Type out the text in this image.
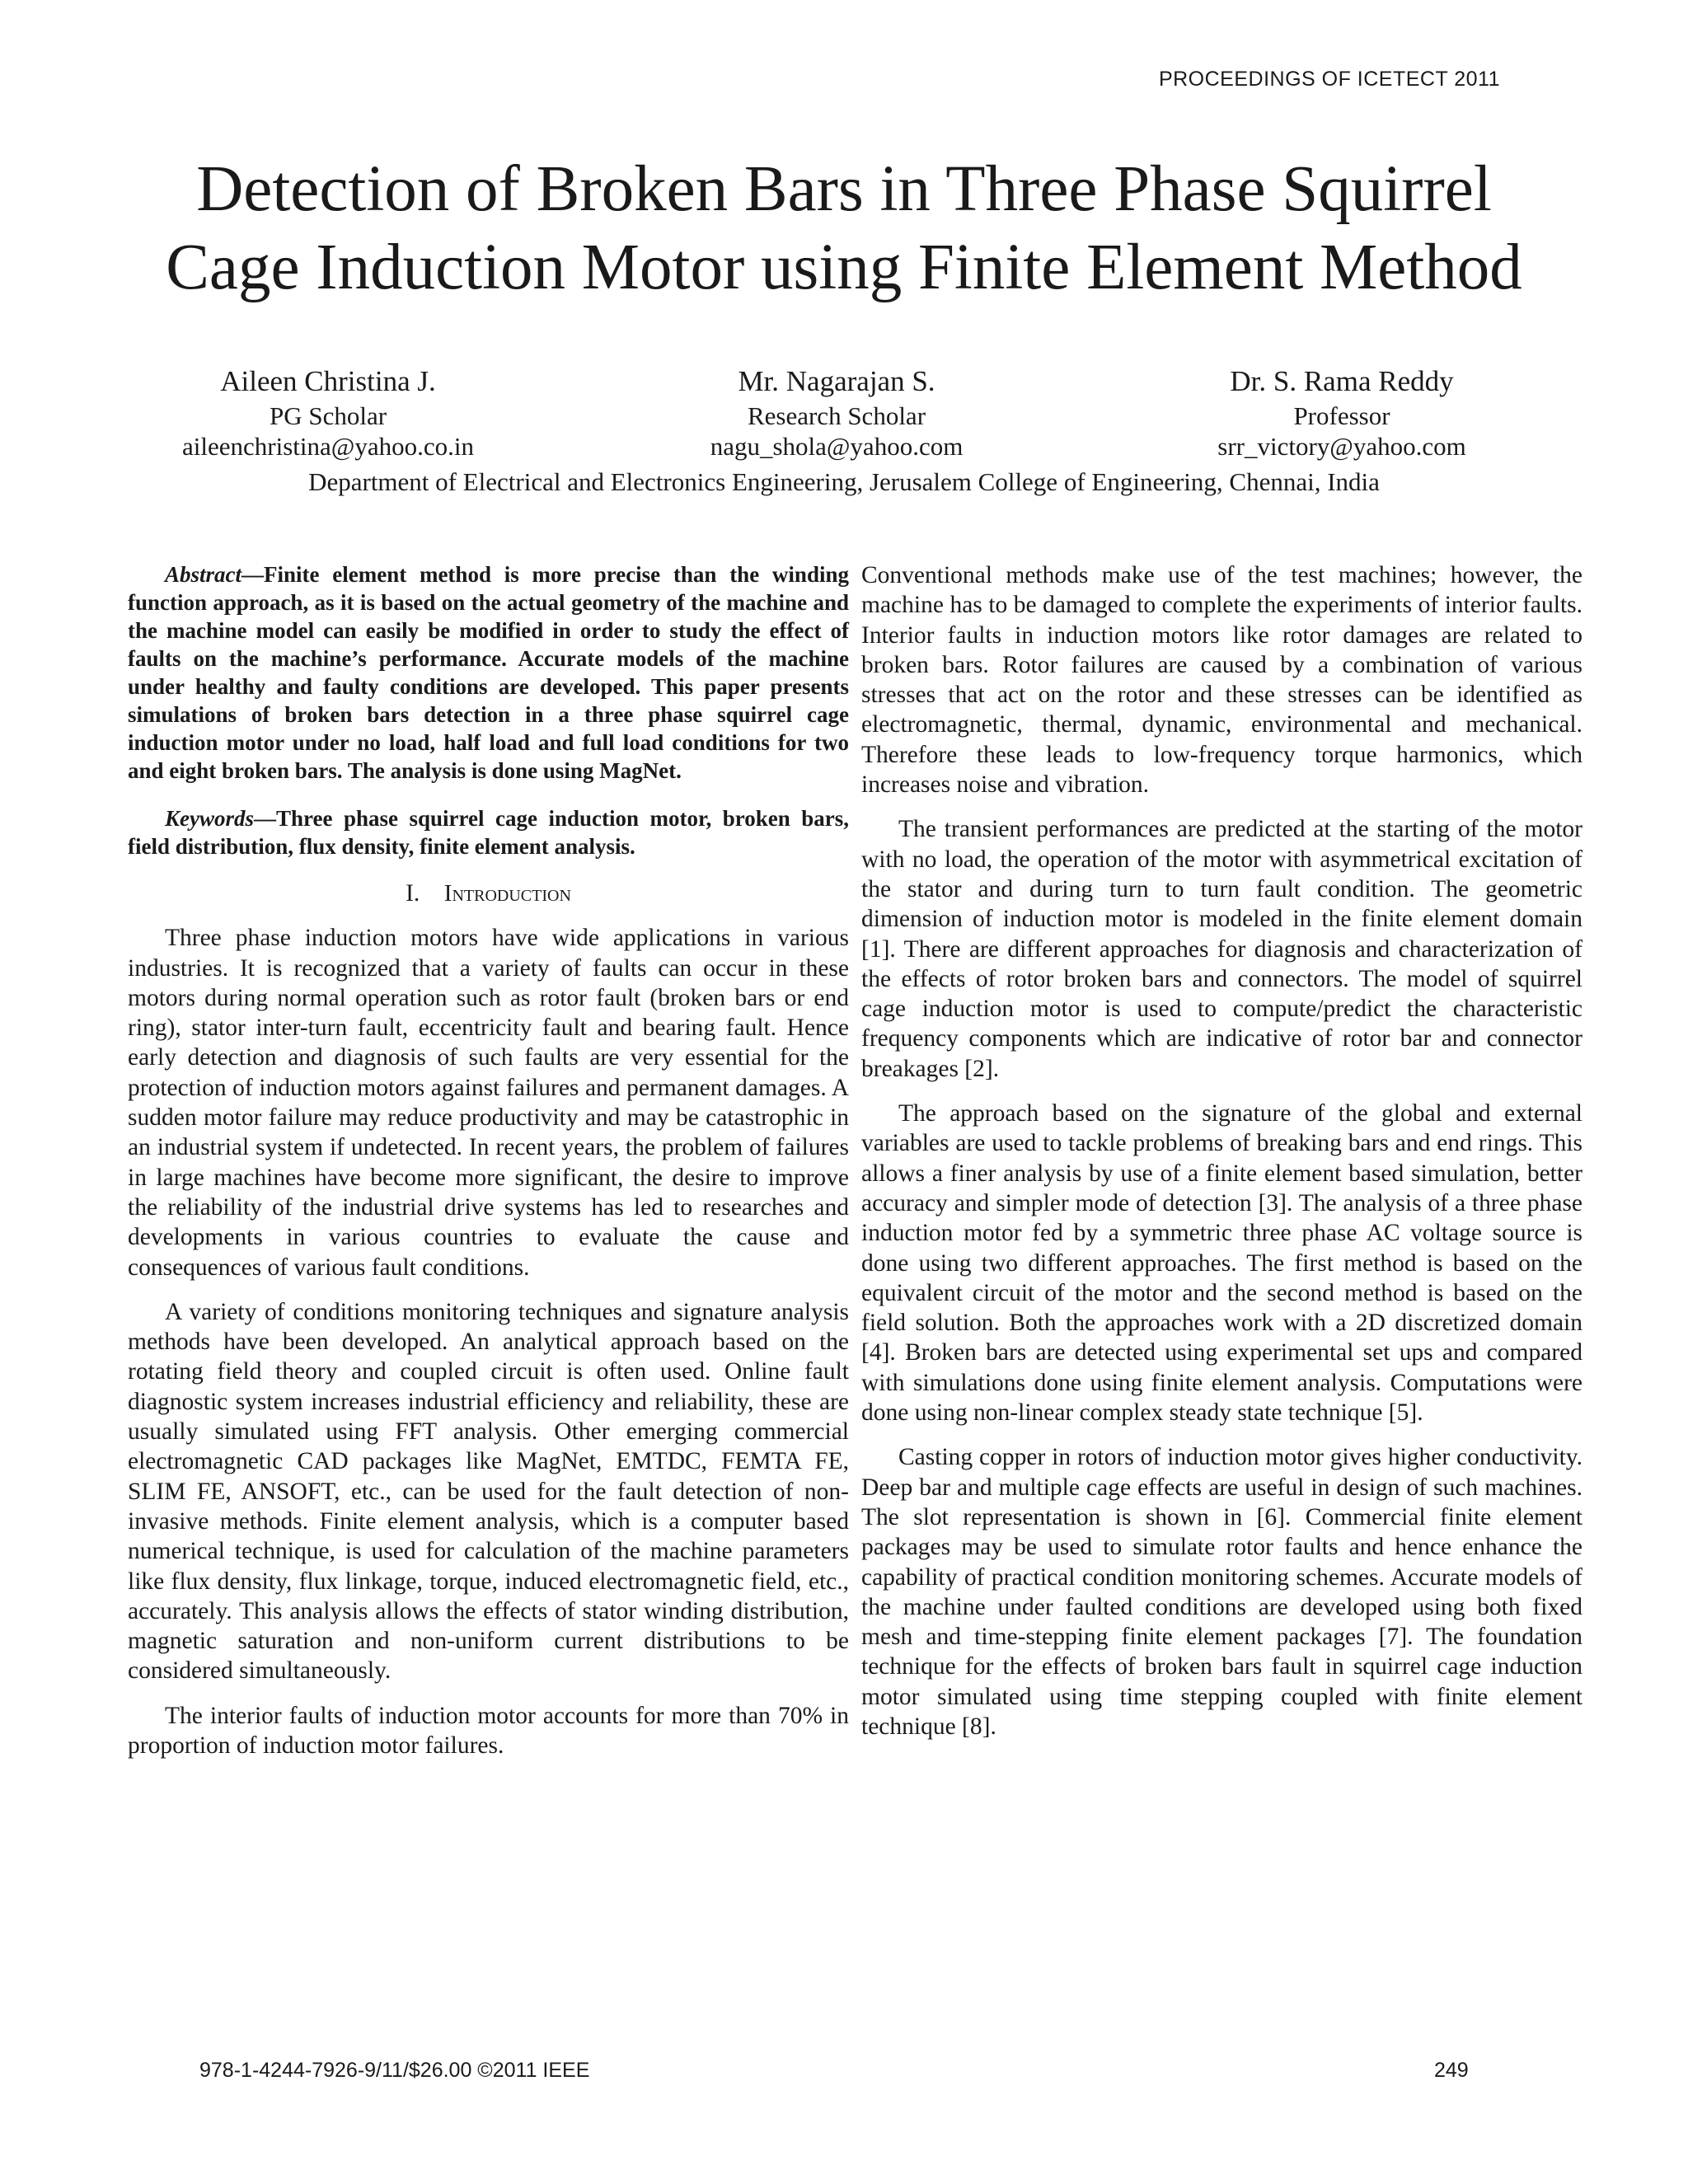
PROCEEDINGS OF ICETECT 2011
Detection of Broken Bars in Three Phase Squirrel
Cage Induction Motor using Finite Element Method
Aileen Christina J.
PG Scholar
aileenchristina@yahoo.co.in
Mr. Nagarajan S.
Research Scholar
nagu_shola@yahoo.com
Dr. S. Rama Reddy
Professor
srr_victory@yahoo.com
Department of Electrical and Electronics Engineering, Jerusalem College of Engineering, Chennai, India

Abstract—Finite element method is more precise than the winding function approach, as it is based on the actual geometry of the machine and the machine model can easily be modified in order to study the effect of faults on the machine’s performance. Accurate models of the machine under healthy and faulty conditions are developed. This paper presents simulations of broken bars detection in a three phase squirrel cage induction motor under no load, half load and full load conditions for two and eight broken bars. The analysis is done using MagNet.

Keywords—Three phase squirrel cage induction motor, broken bars, field distribution, flux density, finite element analysis.

I. Introduction

Three phase induction motors have wide applications in various industries. It is recognized that a variety of faults can occur in these motors during normal operation such as rotor fault (broken bars or end ring), stator inter-turn fault, eccentricity fault and bearing fault. Hence early detection and diagnosis of such faults are very essential for the protection of induction motors against failures and permanent damages. A sudden motor failure may reduce productivity and may be catastrophic in an industrial system if undetected. In recent years, the problem of failures in large machines have become more significant, the desire to improve the reliability of the industrial drive systems has led to researches and developments in various countries to evaluate the cause and consequences of various fault conditions.

A variety of conditions monitoring techniques and signature analysis methods have been developed. An analytical approach based on the rotating field theory and coupled circuit is often used. Online fault diagnostic system increases industrial efficiency and reliability, these are usually simulated using FFT analysis. Other emerging commercial electromagnetic CAD packages like MagNet, EMTDC, FEMTA FE, SLIM FE, ANSOFT, etc., can be used for the fault detection of non-invasive methods. Finite element analysis, which is a computer based numerical technique, is used for calculation of the machine parameters like flux density, flux linkage, torque, induced electromagnetic field, etc., accurately. This analysis allows the effects of stator winding distribution, magnetic saturation and non-uniform current distributions to be considered simultaneously.

The interior faults of induction motor accounts for more than 70% in proportion of induction motor failures.

Conventional methods make use of the test machines; however, the machine has to be damaged to complete the experiments of interior faults. Interior faults in induction motors like rotor damages are related to broken bars. Rotor failures are caused by a combination of various stresses that act on the rotor and these stresses can be identified as electromagnetic, thermal, dynamic, environmental and mechanical. Therefore these leads to low-frequency torque harmonics, which increases noise and vibration.

The transient performances are predicted at the starting of the motor with no load, the operation of the motor with asymmetrical excitation of the stator and during turn to turn fault condition. The geometric dimension of induction motor is modeled in the finite element domain [1]. There are different approaches for diagnosis and characterization of the effects of rotor broken bars and connectors. The model of squirrel cage induction motor is used to compute/predict the characteristic frequency components which are indicative of rotor bar and connector breakages [2].

The approach based on the signature of the global and external variables are used to tackle problems of breaking bars and end rings. This allows a finer analysis by use of a finite element based simulation, better accuracy and simpler mode of detection [3]. The analysis of a three phase induction motor fed by a symmetric three phase AC voltage source is done using two different approaches. The first method is based on the equivalent circuit of the motor and the second method is based on the field solution. Both the approaches work with a 2D discretized domain [4]. Broken bars are detected using experimental set ups and compared with simulations done using finite element analysis. Computations were done using non-linear complex steady state technique [5].

Casting copper in rotors of induction motor gives higher conductivity. Deep bar and multiple cage effects are useful in design of such machines. The slot representation is shown in [6]. Commercial finite element packages may be used to simulate rotor faults and hence enhance the capability of practical condition monitoring schemes. Accurate models of the machine under faulted conditions are developed using both fixed mesh and time-stepping finite element packages [7]. The foundation technique for the effects of broken bars fault in squirrel cage induction motor simulated using time stepping coupled with finite element technique [8].

978-1-4244-7926-9/11/$26.00 ©2011 IEEE	249
